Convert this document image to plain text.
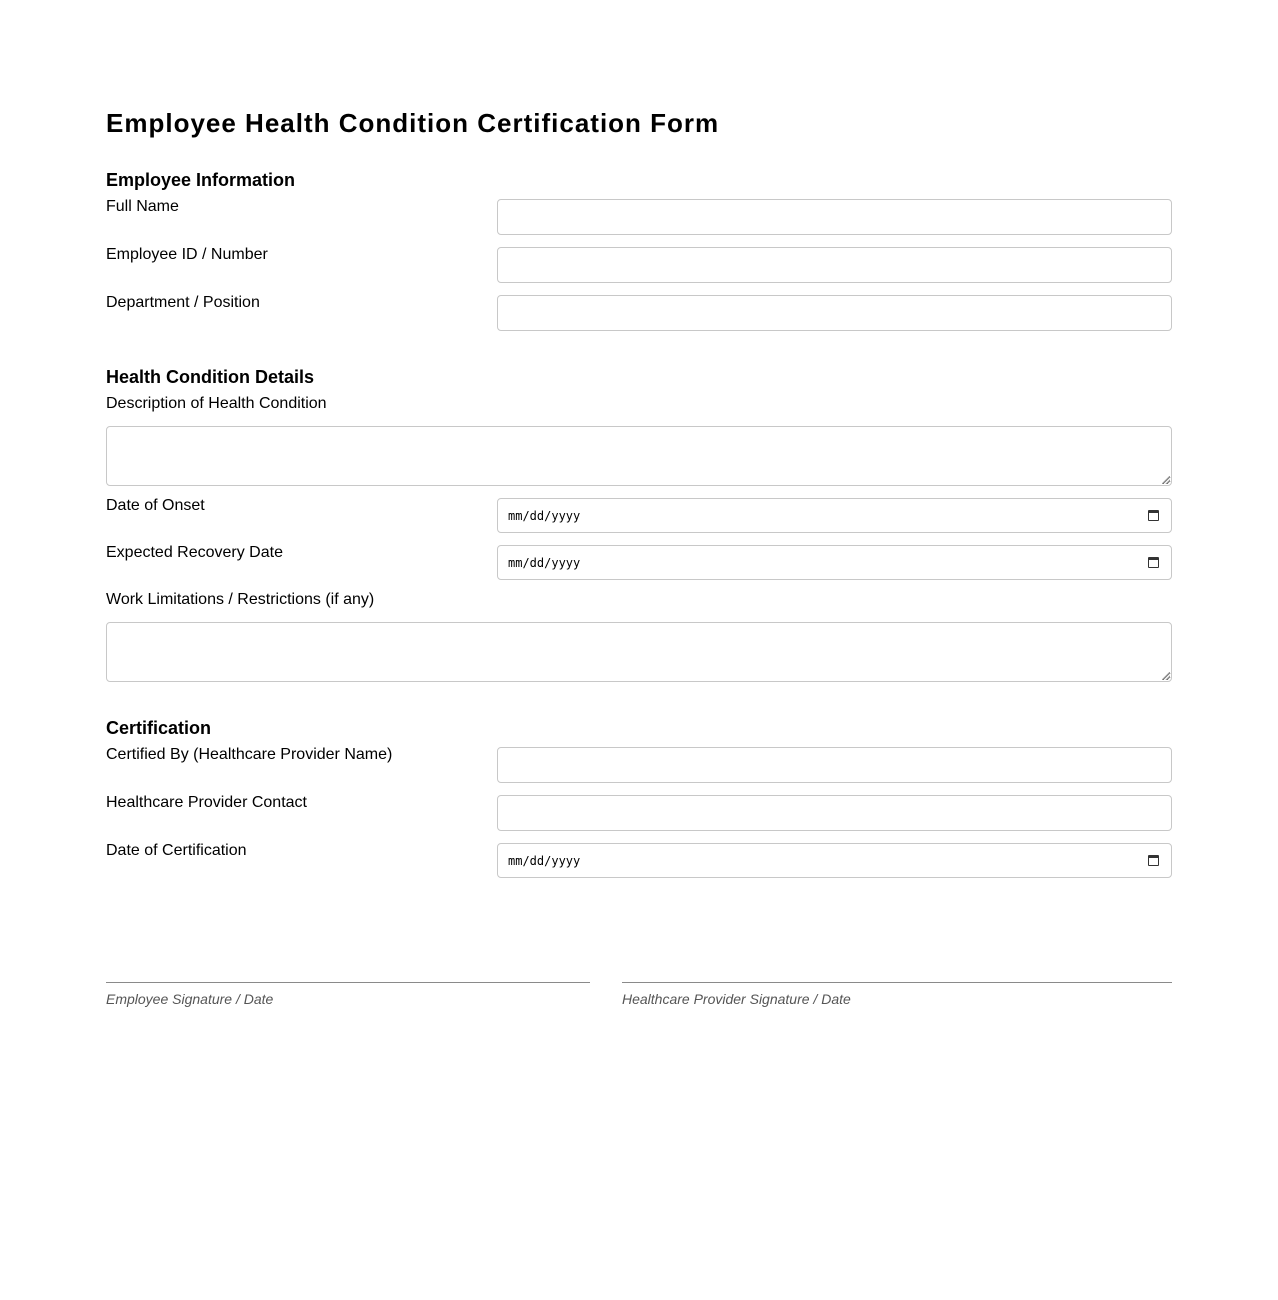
Employee Health Condition Certification Form
Employee Information
Full Name
Employee ID / Number
Department / Position
Health Condition Details
Description of Health Condition
Date of Onset
mm/dd/yyyy
Expected Recovery Date
mm/dd/yyyy
Work Limitations / Restrictions (if any)
Certification
Certified By (Healthcare Provider Name)
Healthcare Provider Contact
Date of Certification
mm/dd/yyyy
Employee Signature / Date	Healthcare Provider Signature / Date
